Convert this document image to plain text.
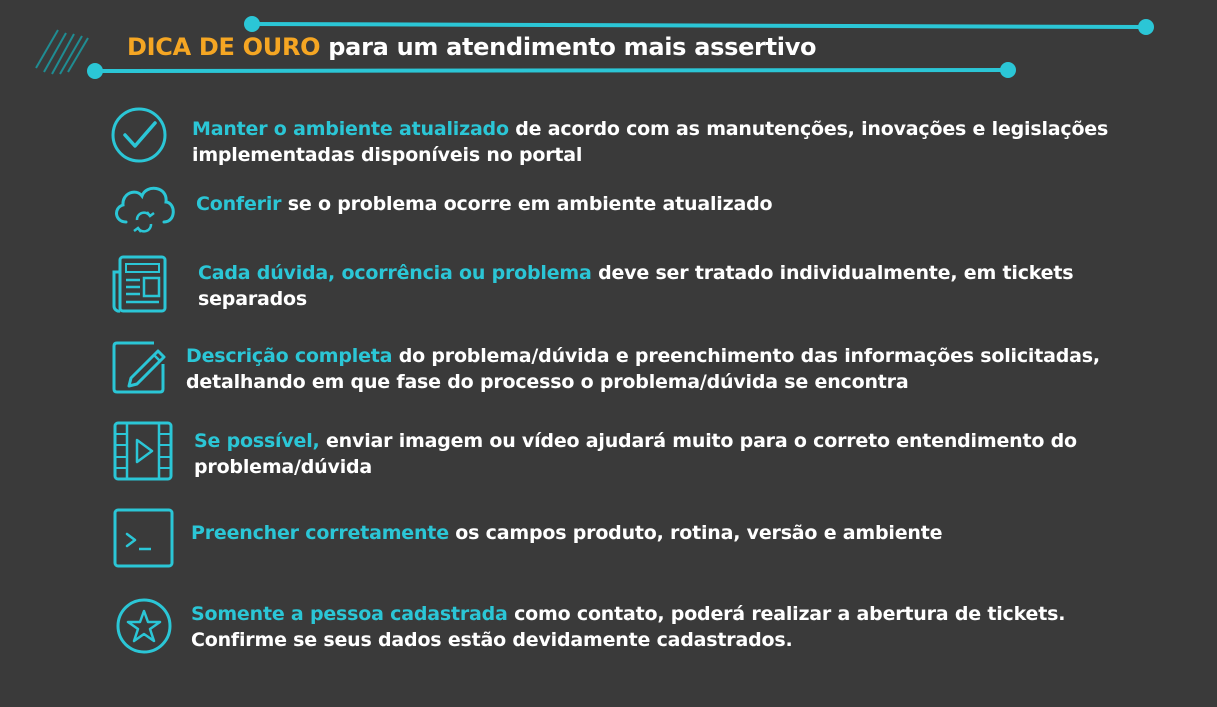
DICA DE OURO para um atendimento mais assertivo
Manter o ambiente atualizado de acordo com as manutenções, inovações e legislações implementadas disponíveis no portal
Conferir se o problema ocorre em ambiente atualizado
Cada dúvida, ocorrência ou problema deve ser tratado individualmente, em tickets separados
Descrição completa do problema/dúvida e preenchimento das informações solicitadas, detalhando em que fase do processo o problema/dúvida se encontra
Se possível, enviar imagem ou vídeo ajudará muito para o correto entendimento do problema/dúvida
Preencher corretamente os campos produto, rotina, versão e ambiente
Somente a pessoa cadastrada como contato, poderá realizar a abertura de tickets. Confirme se seus dados estão devidamente cadastrados.
